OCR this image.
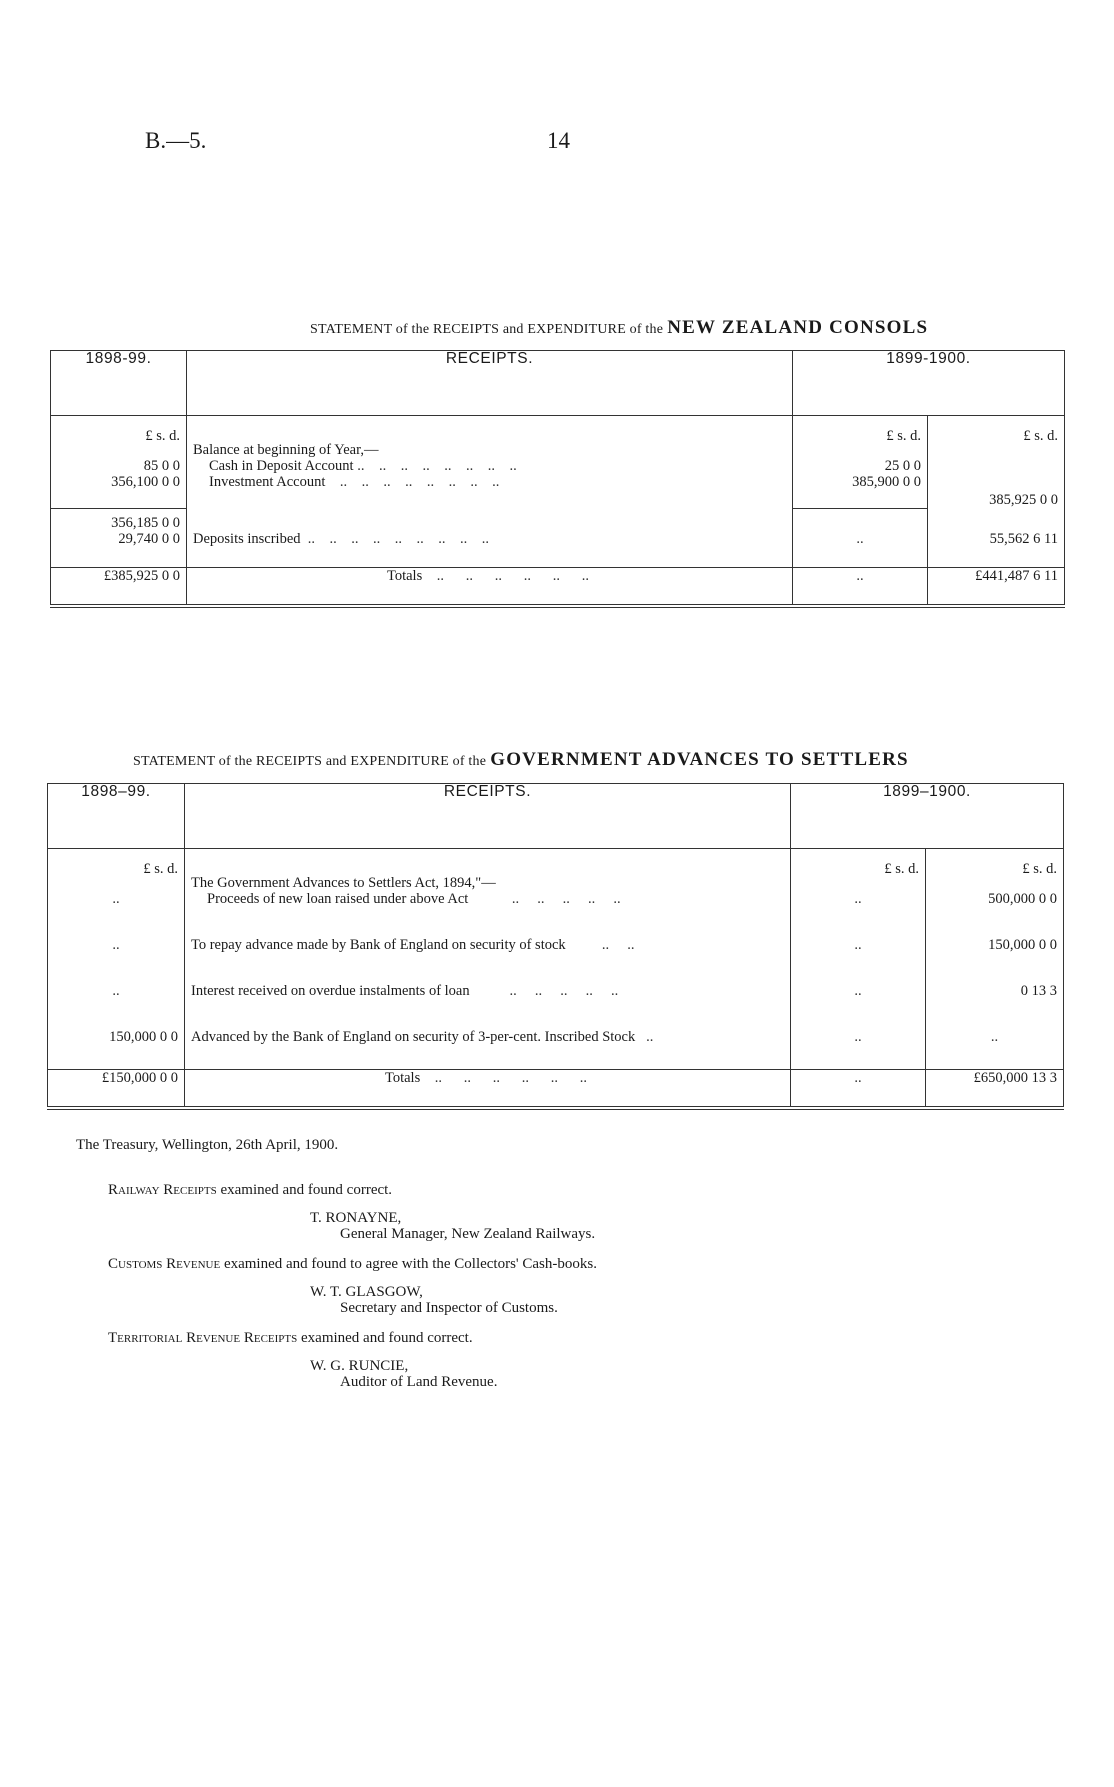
B.—5.	14
STATEMENT of the RECEIPTS and EXPENDITURE of the NEW ZEALAND CONSOLS
1898-99.	RECEIPTS.	1899-1900.	
£ s. d.	Balance at beginning of Year,—	£ s. d.	£ s. d.
85 0 0	Cash in Deposit Account ..    ..    ..    ..    ..    ..    ..    ..	25 0 0	
356,100 0 0	Investment Account    ..    ..    ..    ..    ..    ..    ..    ..	385,900 0 0	385,925 0 0
356,185 0 0			
29,740 0 0	Deposits inscribed  ..    ..    ..    ..    ..    ..    ..    ..    ..	..	55,562 6 11
£385,925 0 0	Totals    ..      ..      ..      ..      ..      ..	..	£441,487 6 11
STATEMENT of the RECEIPTS and EXPENDITURE of the GOVERNMENT ADVANCES TO SETTLERS
1898–99.	RECEIPTS.	1899–1900.	
£ s. d.	The Government Advances to Settlers Act, 1894,"—	£ s. d.	£ s. d.
..	Proceeds of new loan raised under above Act            ..     ..     ..     ..     ..	..	500,000 0 0
..	To repay advance made by Bank of England on security of stock          ..     ..	..	150,000 0 0
..	Interest received on overdue instalments of loan           ..     ..     ..     ..     ..	..	0 13 3
150,000 0 0	Advanced by the Bank of England on security of 3-per-cent. Inscribed Stock   ..	..	..
£150,000 0 0	Totals    ..      ..      ..      ..      ..      ..	..	£650,000 13 3
The Treasury, Wellington, 26th April, 1900.
Railway Receipts examined and found correct.
T. RONAYNE,
General Manager, New Zealand Railways.
Customs Revenue examined and found to agree with the Collectors' Cash-books.
W. T. GLASGOW,
Secretary and Inspector of Customs.
Territorial Revenue Receipts examined and found correct.
W. G. RUNCIE,
Auditor of Land Revenue.
